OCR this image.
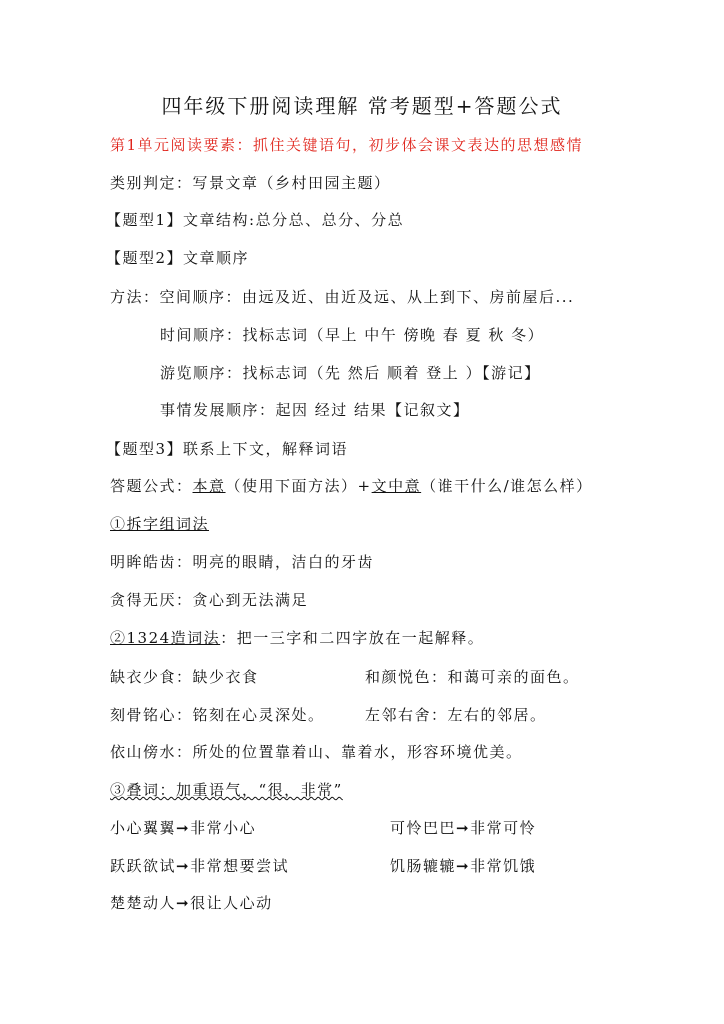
四年级下册阅读理解 常考题型+答题公式
第1单元阅读要素：抓住关键语句，初步体会课文表达的思想感情
类别判定：写景文章（乡村田园主题）
【题型1】文章结构:总分总、总分、分总
【题型2】文章顺序
方法：空间顺序：由远及近、由近及远、从上到下、房前屋后...
时间顺序：找标志词（早上 中午 傍晚 春 夏 秋 冬）
游览顺序：找标志词（先 然后 顺着 登上 ）【游记】
事情发展顺序：起因 经过 结果【记叙文】
【题型3】联系上下文，解释词语
答题公式：本意（使用下面方法）+文中意（谁干什么/谁怎么样）
①拆字组词法
明眸皓齿：明亮的眼睛，洁白的牙齿
贪得无厌：贪心到无法满足
②1324造词法：把一三字和二四字放在一起解释。
缺衣少食：缺少衣食	和颜悦色：和蔼可亲的面色。
刻骨铭心：铭刻在心灵深处。	左邻右舍：左右的邻居。
依山傍水：所处的位置靠着山、靠着水，形容环境优美。
③叠词：加重语气，“很，非常”
小心翼翼➞非常小心	可怜巴巴➞非常可怜
跃跃欲试➞非常想要尝试	饥肠辘辘➞非常饥饿
楚楚动人➞很让人心动
